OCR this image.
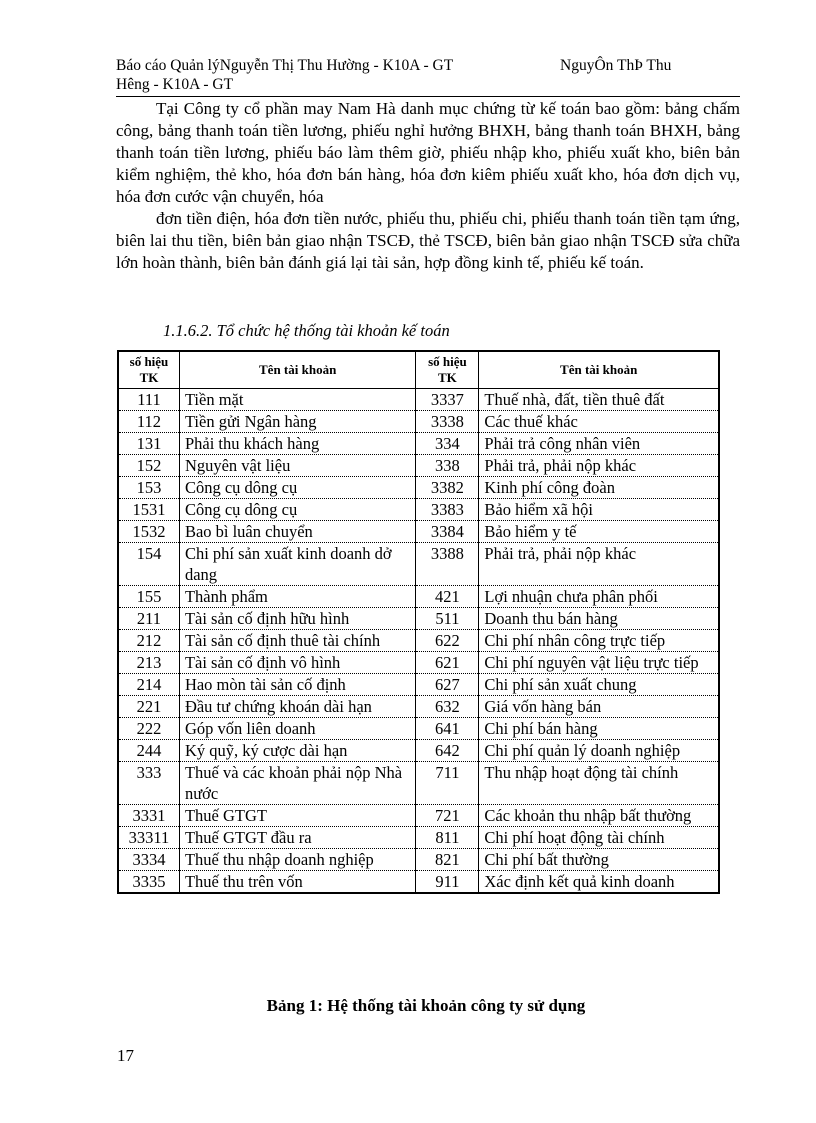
Báo cáo Quản lýNguyễn Thị Thu Hường - K10A - GT	NguyÔn ThÞ Thu
Hêng - K10A - GT

Tại Công ty cổ phần may Nam Hà danh mục chứng từ kế toán bao gồm: bảng chấm công, bảng thanh toán tiền lương, phiếu nghỉ hưởng BHXH, bảng thanh toán BHXH, bảng thanh toán tiền lương, phiếu báo làm thêm giờ, phiếu nhập kho, phiếu xuất kho, biên bản kiểm nghiệm, thẻ kho, hóa đơn bán hàng, hóa đơn kiêm phiếu xuất kho, hóa đơn dịch vụ, hóa đơn cước vận chuyển, hóa

đơn tiền điện, hóa đơn tiền nước, phiếu thu, phiếu chi, phiếu thanh toán tiền tạm ứng, biên lai thu tiền, biên bản giao nhận TSCĐ, thẻ TSCĐ, biên bản giao nhận TSCĐ sửa chữa lớn hoàn thành, biên bản đánh giá lại tài sản, hợp đồng kinh tế, phiếu kế toán.

1.1.6.2. Tổ chức hệ thống tài khoản kế toán
số hiệu TK	Tên tài khoản	số hiệu TK	Tên tài khoản
111	Tiền mặt	3337	Thuế nhà, đất, tiền thuê đất
112	Tiền gửi Ngân hàng	3338	Các thuế khác
131	Phải thu khách hàng	334	Phải trả công nhân viên
152	Nguyên vật liệu	338	Phải trả, phải nộp khác
153	Công cụ dông cụ	3382	Kinh phí công đoàn
1531	Công cụ dông cụ	3383	Bảo hiểm xã hội
1532	Bao bì luân chuyển	3384	Bảo hiểm y tế
154	Chi phí sản xuất kinh doanh dở dang	3388	Phải trả, phải nộp khác
155	Thành phẩm	421	Lợi nhuận chưa phân phối
211	Tài sản cố định hữu hình	511	Doanh thu bán hàng
212	Tài sản cố định thuê tài chính	622	Chi phí nhân công trực tiếp
213	Tài sản cố định vô hình	621	Chi phí nguyên vật liệu trực tiếp
214	Hao mòn tài sản cố định	627	Chi phí sản xuất chung
221	Đầu tư chứng khoán dài hạn	632	Giá vốn hàng bán
222	Góp vốn liên doanh	641	Chi phí bán hàng
244	Ký quỹ, ký cược dài hạn	642	Chi phí quản lý doanh nghiệp
333	Thuế và các khoản phải nộp Nhà nước	711	Thu nhập hoạt động tài chính
3331	Thuế GTGT	721	Các khoản thu nhập bất thường
33311	Thuế GTGT đầu ra	811	Chi phí hoạt động tài chính
3334	Thuế thu nhập doanh nghiệp	821	Chi phí bất thường
3335	Thuế thu trên vốn	911	Xác định kết quả kinh doanh
Bảng 1: Hệ thống tài khoản công ty sử dụng
17
